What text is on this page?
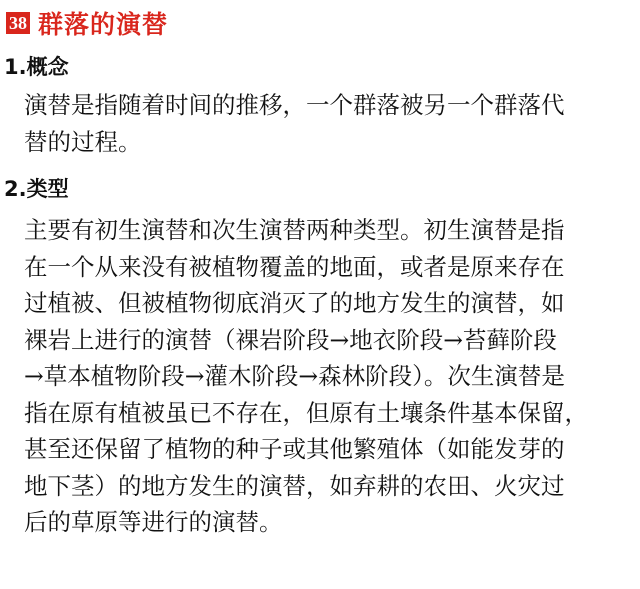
38 群落的演替
1.概念
演替是指随着时间的推移，一个群落被另一个群落代
替的过程。
2.类型
主要有初生演替和次生演替两种类型。初生演替是指
在一个从来没有被植物覆盖的地面，或者是原来存在
过植被、但被植物彻底消灭了的地方发生的演替，如
裸岩上进行的演替（裸岩阶段→地衣阶段→苔藓阶段
→草本植物阶段→灌木阶段→森林阶段）。次生演替是
指在原有植被虽已不存在，但原有土壤条件基本保留，
甚至还保留了植物的种子或其他繁殖体（如能发芽的
地下茎）的地方发生的演替，如弃耕的农田、火灾过
后的草原等进行的演替。
